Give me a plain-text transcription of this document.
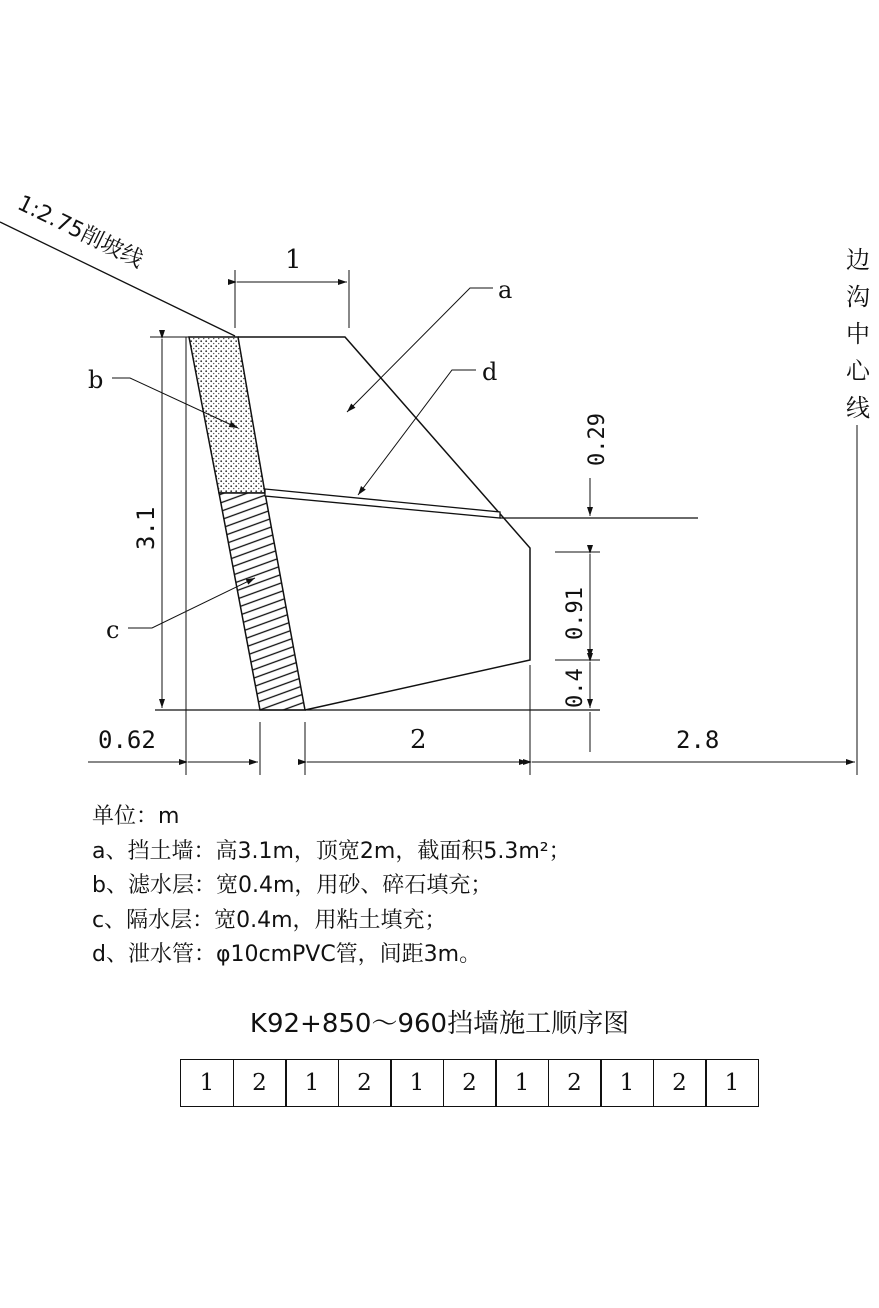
1:2.75削坡线
a
b
c
d
1
3.1
0.29
0.91
0.4
0.62	2	2.8
边沟中心线
单位：m
a、挡土墙：高3.1m，顶宽2m，截面积5.3m²；
b、滤水层：宽0.4m，用砂、碎石填充；
c、隔水层：宽0.4m，用粘土填充；
d、泄水管：φ10cmPVC管，间距3m。
K92+850～960挡墙施工顺序图
1	2	1	2	1	2	1	2	1	2	1
